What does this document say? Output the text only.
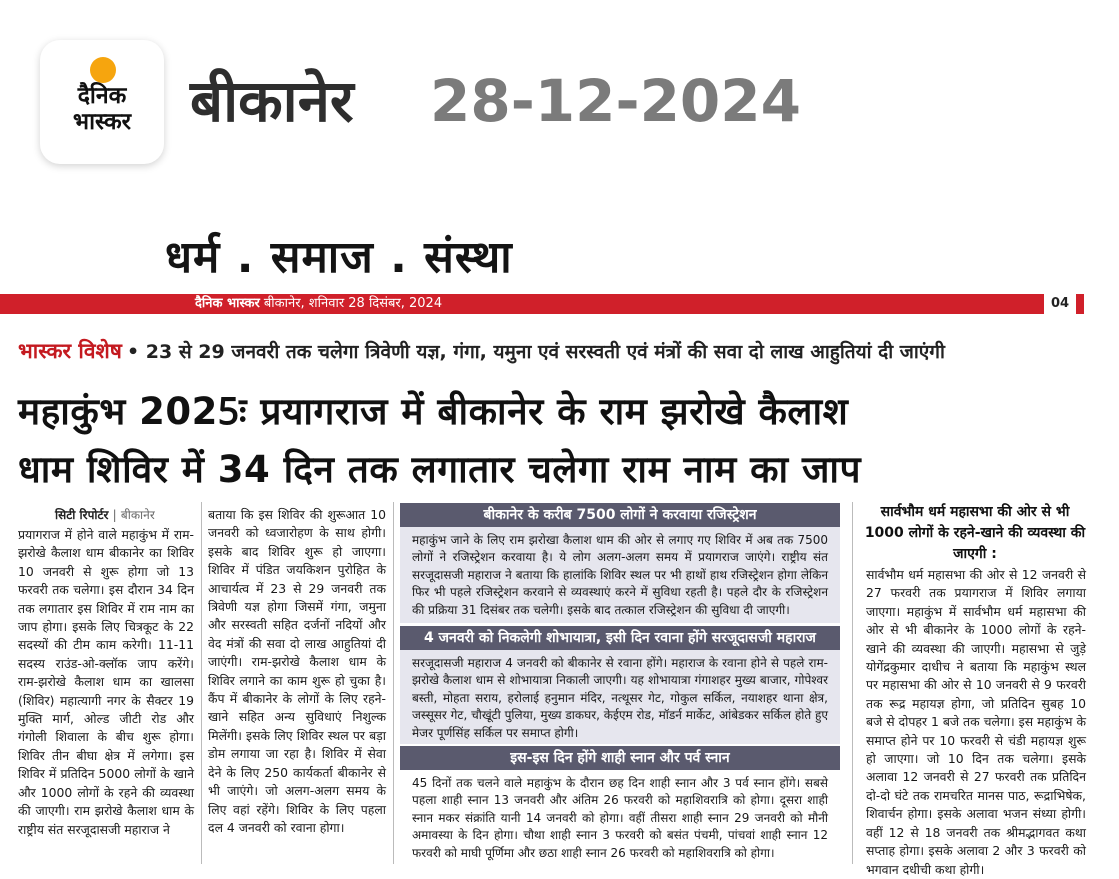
दैनिक
भास्कर	बीकानेर 28-12-2024
धर्म . समाज . संस्था
दैनिक भास्कर बीकानेर, शनिवार 28 दिसंबर, 2024	04
भास्कर विशेष • 23 से 29 जनवरी तक चलेगा त्रिवेणी यज्ञ, गंगा, यमुना एवं सरस्वती एवं मंत्रों की सवा दो लाख आहुतियां दी जाएंगी
महाकुंभ 2025ः प्रयागराज में बीकानेर के राम झरोखे कैलाश
धाम शिविर में 34 दिन तक लगातार चलेगा राम नाम का जाप
सिटी रिपोर्टर | बीकानेर
प्रयागराज में होने वाले महाकुंभ में राम-झरोखे कैलाश धाम बीकानेर का शिविर 10 जनवरी से शुरू होगा जो 13 फरवरी तक चलेगा। इस दौरान 34 दिन तक लगातार इस शिविर में राम नाम का जाप होगा। इसके लिए चित्रकूट के 22 सदस्यों की टीम काम करेगी। 11-11 सदस्य राउंड-ओ-क्लॉक जाप करेंगे। राम-झरोखे कैलाश धाम का खालसा (शिविर) महात्यागी नगर के सैक्टर 19 मुक्ति मार्ग, ओल्ड जीटी रोड और गंगोली शिवाला के बीच शुरू होगा। शिविर तीन बीघा क्षेत्र में लगेगा। इस शिविर में प्रतिदिन 5000 लोगों के खाने और 1000 लोगों के रहने की व्यवस्था की जाएगी। राम झरोखे कैलाश धाम के राष्ट्रीय संत सरजूदासजी महाराज ने
बताया कि इस शिविर की शुरूआत 10 जनवरी को ध्वजारोहण के साथ होगी। इसके बाद शिविर शुरू हो जाएगा। शिविर में पंडित जयकिशन पुरोहित के आचार्यत्व में 23 से 29 जनवरी तक त्रिवेणी यज्ञ होगा जिसमें गंगा, जमुना और सरस्वती सहित दर्जनों नदियों और वेद मंत्रों की सवा दो लाख आहुतियां दी जाएंगी। राम-झरोखे कैलाश धाम के शिविर लगाने का काम शुरू हो चुका है। कैंप में बीकानेर के लोगों के लिए रहने-खाने सहित अन्य सुविधाएं निशुल्क मिलेंगी। इसके लिए शिविर स्थल पर बड़ा डोम लगाया जा रहा है। शिविर में सेवा देने के लिए 250 कार्यकर्ता बीकानेर से भी जाएंगे। जो अलग-अलग समय के लिए वहां रहेंगे। शिविर के लिए पहला दल 4 जनवरी को रवाना होगा।
बीकानेर के करीब 7500 लोगों ने करवाया रजिस्ट्रेशन
महाकुंभ जाने के लिए राम झरोखा कैलाश धाम की ओर से लगाए गए शिविर में अब तक 7500 लोगों ने रजिस्ट्रेशन करवाया है। ये लोग अलग-अलग समय में प्रयागराज जाएंगे। राष्ट्रीय संत सरजूदासजी महाराज ने बताया कि हालांकि शिविर स्थल पर भी हाथों हाथ रजिस्ट्रेशन होगा लेकिन फिर भी पहले रजिस्ट्रेशन करवाने से व्यवस्थाएं करने में सुविधा रहती है। पहले दौर के रजिस्ट्रेशन की प्रक्रिया 31 दिसंबर तक चलेगी। इसके बाद तत्काल रजिस्ट्रेशन की सुविधा दी जाएगी।
4 जनवरी को निकलेगी शोभायात्रा, इसी दिन रवाना होंगे सरजूदासजी महाराज
सरजूदासजी महाराज 4 जनवरी को बीकानेर से रवाना होंगे। महाराज के रवाना होने से पहले राम-झरोखे कैलाश धाम से शोभायात्रा निकाली जाएगी। यह शोभायात्रा गंगाशहर मुख्य बाजार, गोपेश्वर बस्ती, मोहता सराय, हरोलाई हनुमान मंदिर, नत्थूसर गेट, गोकुल सर्किल, नयाशहर थाना क्षेत्र, जस्सूसर गेट, चौखूंटी पुलिया, मुख्य डाकघर, केईएम रोड, मॉडर्न मार्केट, आंबेडकर सर्किल होते हुए मेजर पूर्णसिंह सर्किल पर समाप्त होगी।
इस-इस दिन होंगे शाही स्नान और पर्व स्नान
45 दिनों तक चलने वाले महाकुंभ के दौरान छह दिन शाही स्नान और 3 पर्व स्नान होंगे। सबसे पहला शाही स्नान 13 जनवरी और अंतिम 26 फरवरी को महाशिवरात्रि को होगा। दूसरा शाही स्नान मकर संक्रांति यानी 14 जनवरी को होगा। वहीं तीसरा शाही स्नान 29 जनवरी को मौनी अमावस्या के दिन होगा। चौथा शाही स्नान 3 फरवरी को बसंत पंचमी, पांचवां शाही स्नान 12 फरवरी को माघी पूर्णिमा और छठा शाही स्नान 26 फरवरी को महाशिवरात्रि को होगा।
सार्वभौम धर्म महासभा की ओर से भी 1000 लोगों के रहने-खाने की व्यवस्था की जाएगी :
सार्वभौम धर्म महासभा की ओर से 12 जनवरी से 27 फरवरी तक प्रयागराज में शिविर लगाया जाएगा। महाकुंभ में सार्वभौम धर्म महासभा की ओर से भी बीकानेर के 1000 लोगों के रहने-खाने की व्यवस्था की जाएगी। महासभा से जुड़े योगेंद्रकुमार दाधीच ने बताया कि महाकुंभ स्थल पर महासभा की ओर से 10 जनवरी से 9 फरवरी तक रूद्र महायज्ञ होगा, जो प्रतिदिन सुबह 10 बजे से दोपहर 1 बजे तक चलेगा। इस महाकुंभ के समाप्त होने पर 10 फरवरी से चंडी महायज्ञ शुरू हो जाएगा। जो 10 दिन तक चलेगा। इसके अलावा 12 जनवरी से 27 फरवरी तक प्रतिदिन दो-दो घंटे तक रामचरित मानस पाठ, रूद्राभिषेक, शिवार्चन होगा। इसके अलावा भजन संध्या होगी। वहीं 12 से 18 जनवरी तक श्रीमद्भागवत कथा सप्ताह होगा। इसके अलावा 2 और 3 फरवरी को भगवान दधीची कथा होगी।
